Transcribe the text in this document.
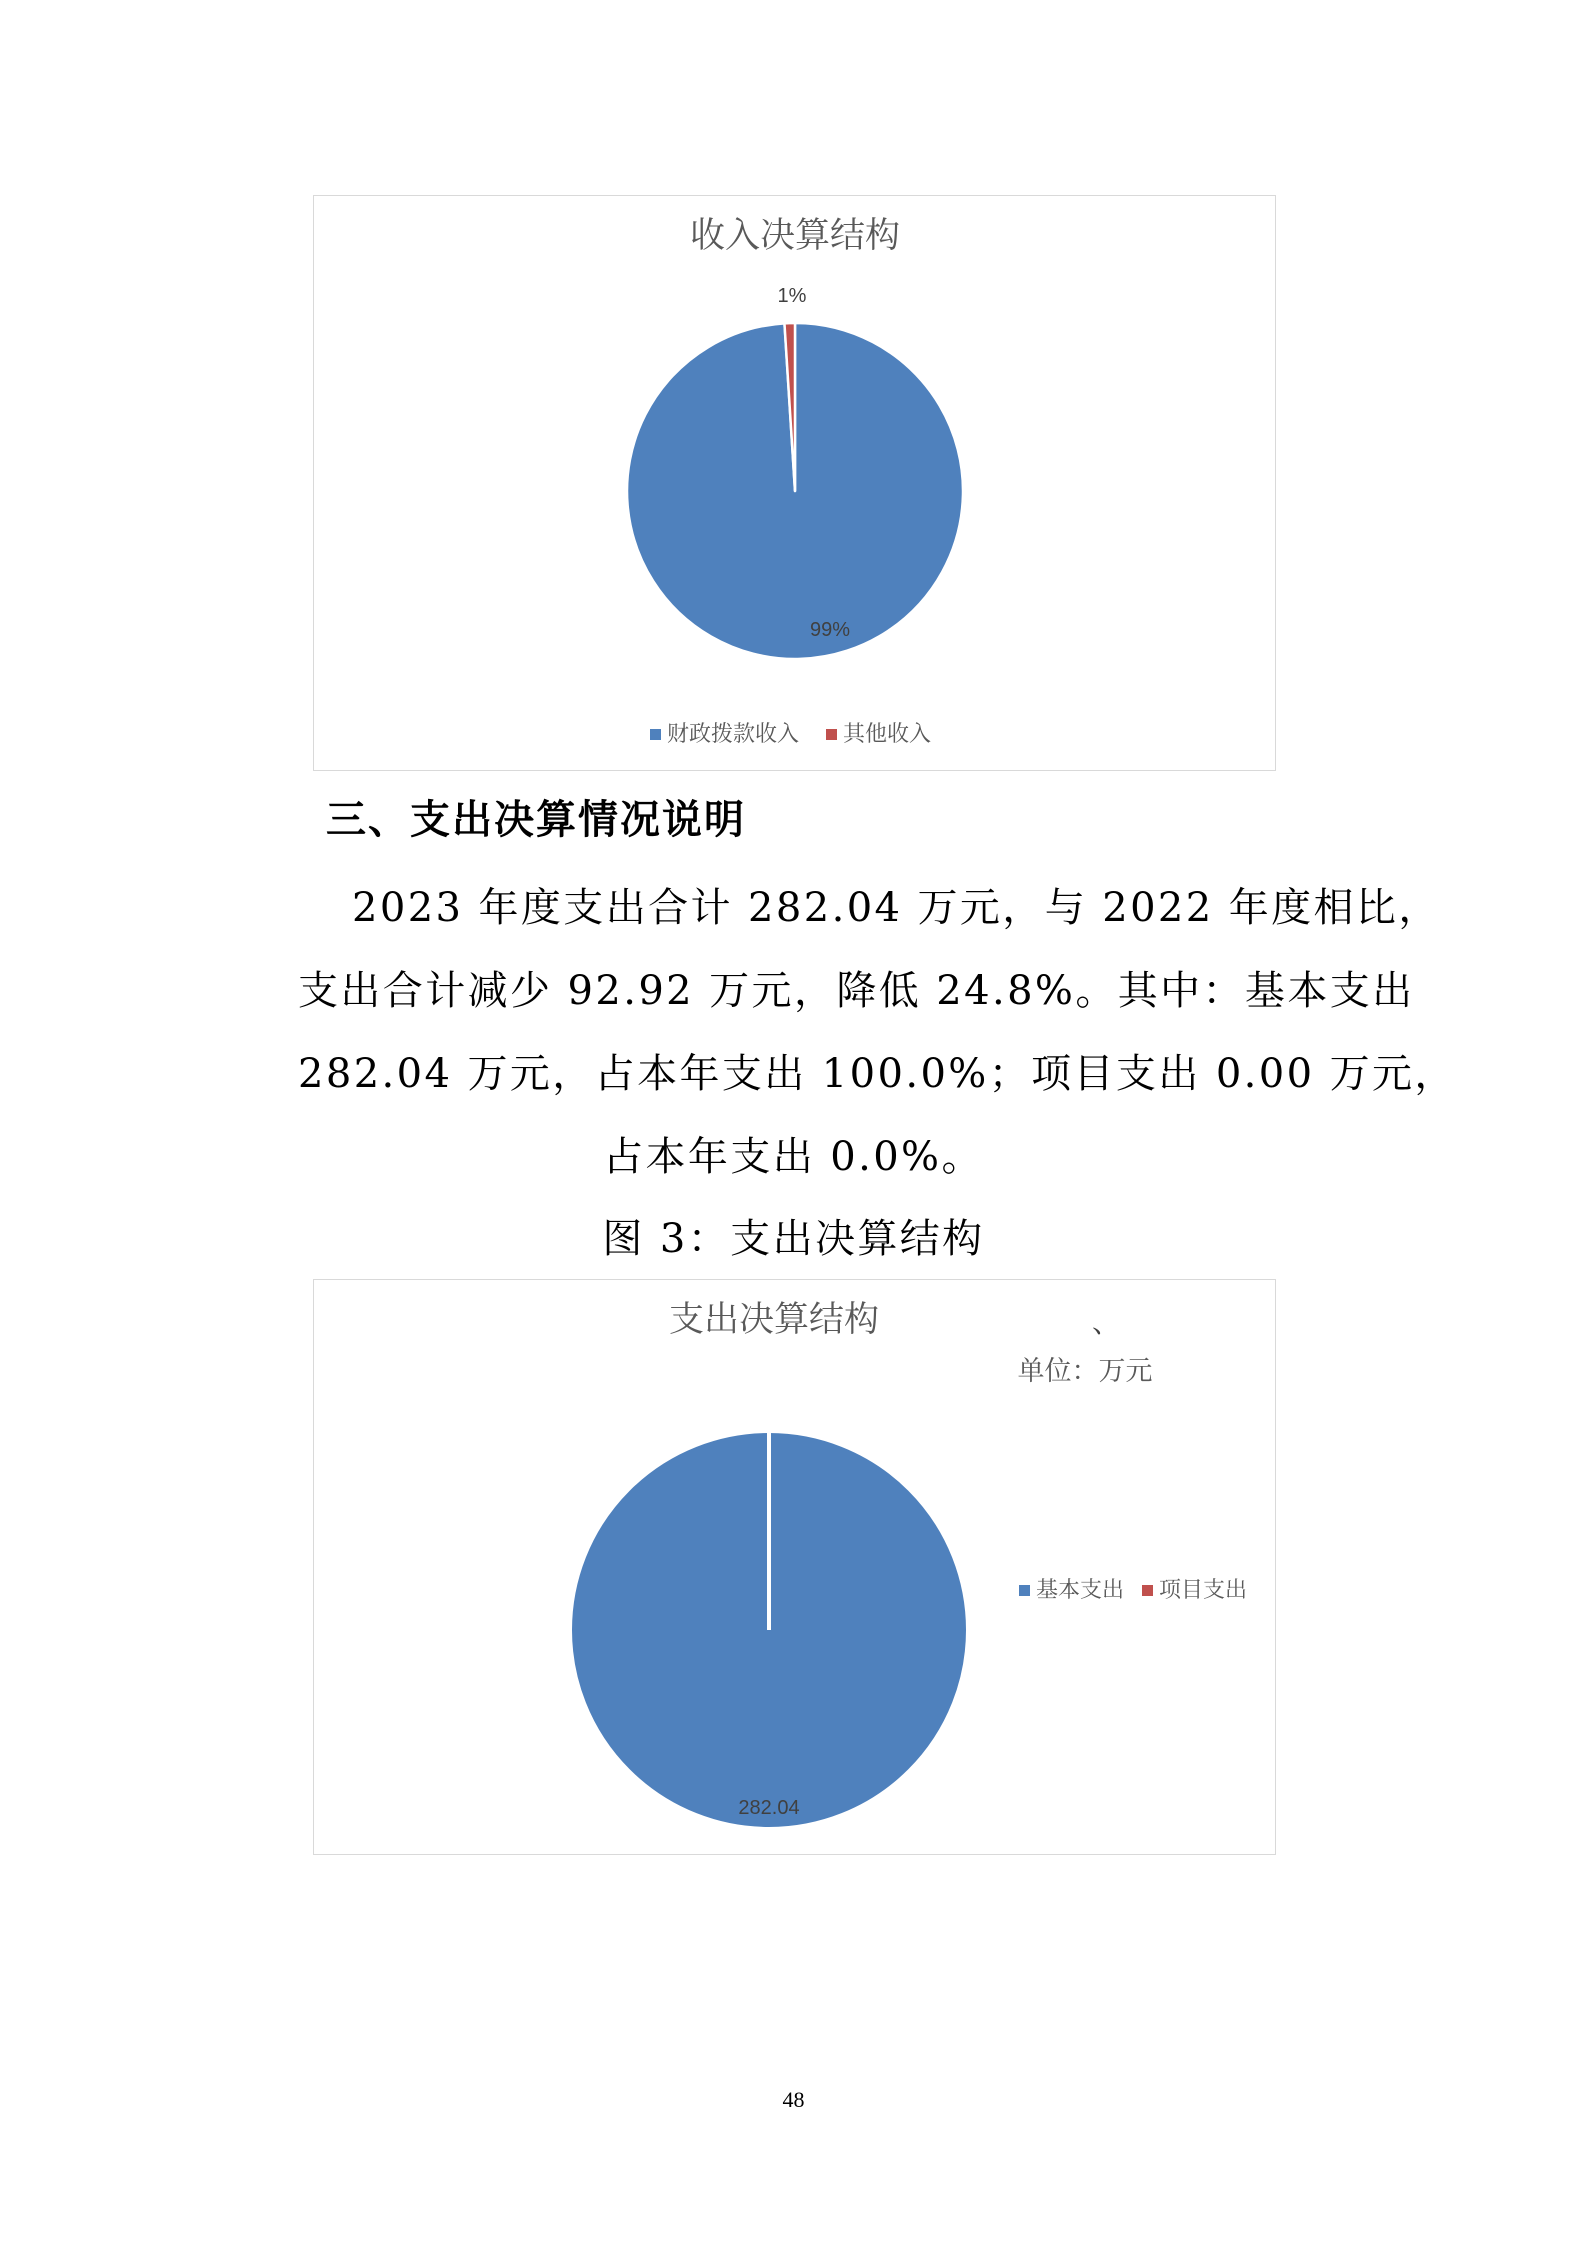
收入决算结构
99%
1%
财政拨款收入 其他收入
三、支出决算情况说明
2023 年度支出合计 282.04 万元，与 2022 年度相比，
支出合计减少 92.92 万元，降低 24.8%。其中：基本支出
282.04 万元，占本年支出 100.0%；项目支出 0.00 万元，
占本年支出 0.0%。
图 3：支出决算结构
支出决算结构	、
单位：万元
282.04
基本支出 项目支出
48
